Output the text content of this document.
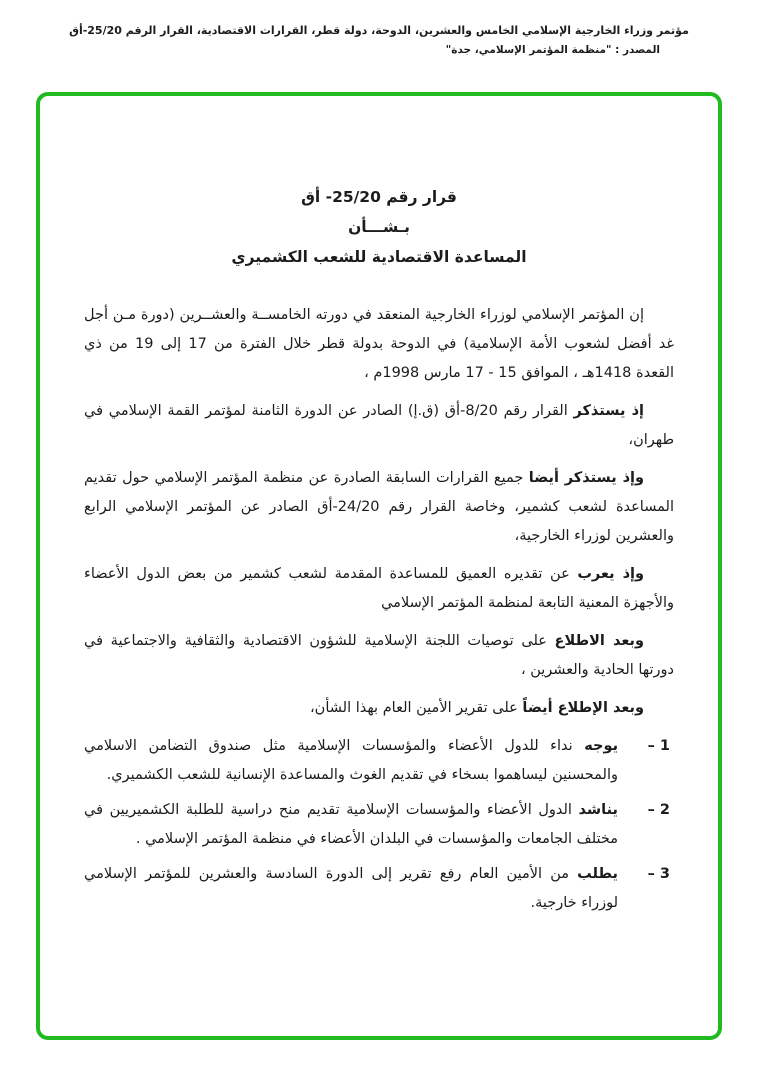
مؤتمر وزراء الخارجية الإسلامي الخامس والعشرين، الدوحة، دولة قطر، القرارات الاقتصادية، القرار الرقم 25/20-أق
المصدر : "منظمة المؤتمر الإسلامي، جدة"
قرار رقم 25/20- أق
بـشـــأن
المساعدة الاقتصادية للشعب الكشميري

إن المؤتمر الإسلامي لوزراء الخارجية المنعقد في دورته الخامســة والعشــرين (دورة مـن أجل غد أفضل لشعوب الأمة الإسلامية) في الدوحة بدولة قطر خلال الفترة من 17 إلى 19 من ذي القعدة 1418هـ ، الموافق 15 - 17 مارس 1998م ،

إذ يستذكر القرار رقم 8/20-أق (ق.إ) الصادر عن الدورة الثامنة لمؤتمر القمة الإسلامي في طهران،

وإذ يستذكر أيضا جميع القرارات السابقة الصادرة عن منظمة المؤتمر الإسلامي حول تقديم المساعدة لشعب كشمير، وخاصة القرار رقم 24/20-أق الصادر عن المؤتمر الإسلامي الرابع والعشرين لوزراء الخارجية،

وإذ يعرب عن تقديره العميق للمساعدة المقدمة لشعب كشمير من بعض الدول الأعضاء والأجهزة المعنية التابعة لمنظمة المؤتمر الإسلامي

وبعد الاطلاع على توصيات اللجنة الإسلامية للشؤون الاقتصادية والثقافية والاجتماعية في دورتها الحادية والعشرين ،

وبعد الإطلاع أيضاً على تقرير الأمين العام بهذا الشأن،

1
–
يوجه نداء للدول الأعضاء والمؤسسات الإسلامية مثل صندوق التضامن الاسلامي والمحسنين ليساهموا بسخاء في تقديم الغوث والمساعدة الإنسانية للشعب الكشميري.
2
–
يناشد الدول الأعضاء والمؤسسات الإسلامية تقديم منح دراسية للطلبة الكشميريين في مختلف الجامعات والمؤسسات في البلدان الأعضاء في منظمة المؤتمر الإسلامي .
3
–
يطلب من الأمين العام رفع تقرير إلى الدورة السادسة والعشرين للمؤتمر الإسلامي لوزراء خارجية.
